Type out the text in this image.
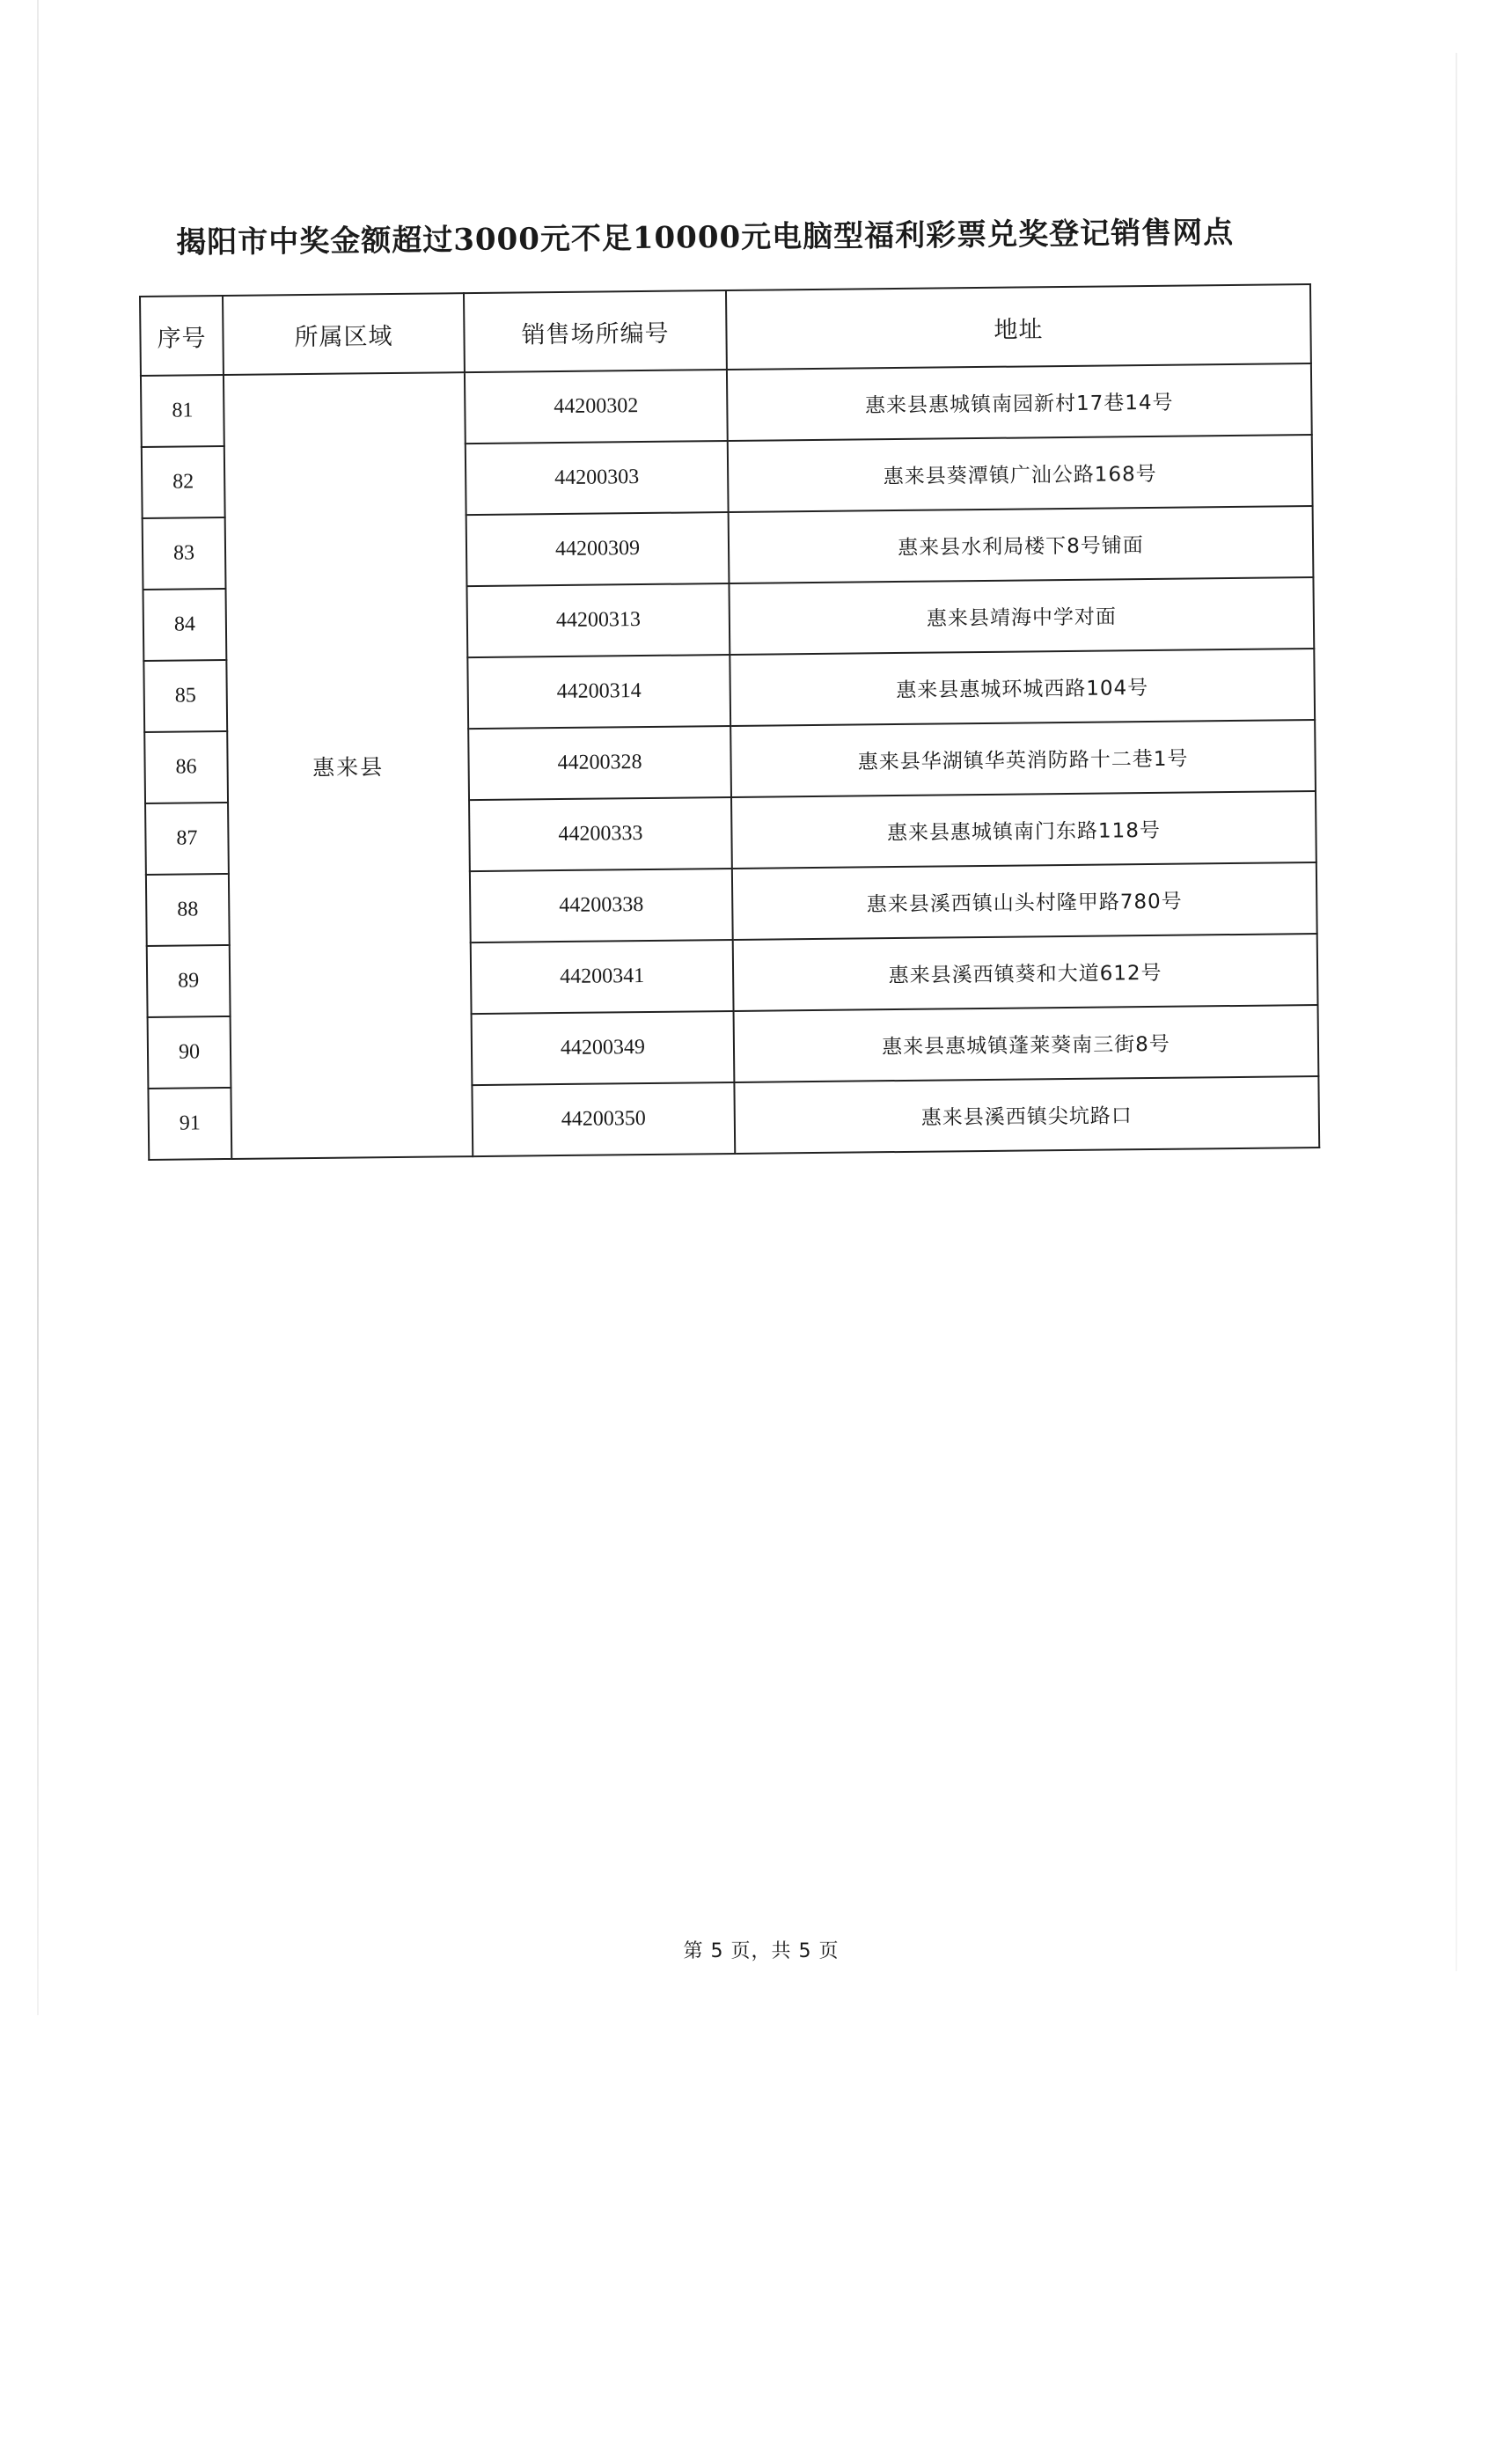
揭阳市中奖金额超过3000元不足10000元电脑型福利彩票兑奖登记销售网点
序号	所属区域	销售场所编号	地址
81	惠来县	44200302	惠来县惠城镇南园新村17巷14号
82		44200303	惠来县葵潭镇广汕公路168号
83		44200309	惠来县水利局楼下8号铺面
84		44200313	惠来县靖海中学对面
85		44200314	惠来县惠城环城西路104号
86		44200328	惠来县华湖镇华英消防路十二巷1号
87		44200333	惠来县惠城镇南门东路118号
88		44200338	惠来县溪西镇山头村隆甲路780号
89		44200341	惠来县溪西镇葵和大道612号
90		44200349	惠来县惠城镇蓬莱葵南三街8号
91		44200350	惠来县溪西镇尖坑路口
第 5 页，共 5 页
